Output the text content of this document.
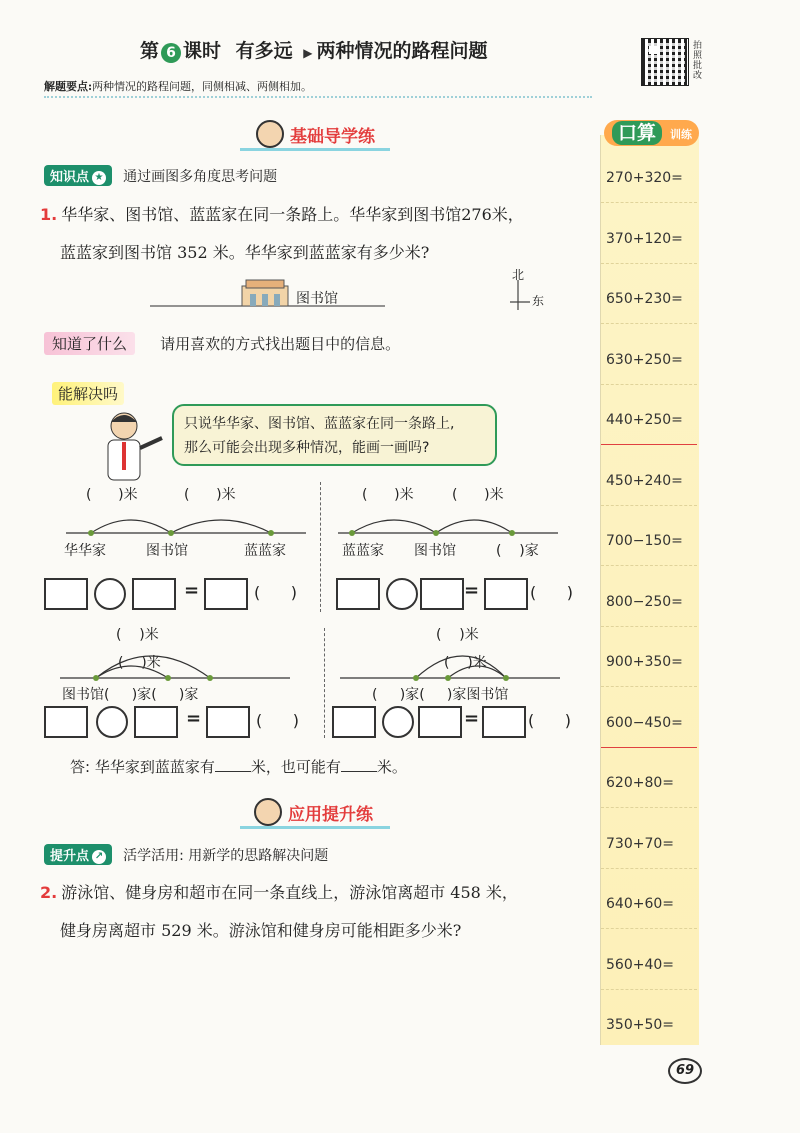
第 6 课时 有多远 ▶ 两种情况的路程问题	拍照批改
解题要点:两种情况的路程问题，同侧相减、两侧相加。
口算	训练
270+320=
370+120=
650+230=
630+250=
440+250=
450+240=
700−150=
800−250=
900+350=
600−450=
620+80=
730+70=
640+60=
560+40=
350+50=
基础导学练
知识点 ★ 通过画图多角度思考问题
1. 华华家、图书馆、蓝蓝家在同一条路上。华华家到图书馆276米，
蓝蓝家到图书馆 352 米。华华家到蓝蓝家有多少米?
图书馆
北
东
知道了什么 请用喜欢的方式找出题目中的信息。
能解决吗
只说华华家、图书馆、蓝蓝家在同一条路上,
那么可能会出现多种情况，能画一画吗?
(      )米	(      )米
华华家	图书馆	蓝蓝家
(      )米	(      )米
蓝蓝家 图书馆	(    )家
=	(      )	=	(      )
(    )米
(    )米
图书馆(     )家(     )家
(    )米
(    )米
(     )家(     )家图书馆
=	(      )	=	(      )
答: 华华家到蓝蓝家有 米，也可能有 米。
应用提升练
提升点 ↗ 活学活用: 用新学的思路解决问题
2. 游泳馆、健身房和超市在同一条直线上，游泳馆离超市 458 米，
健身房离超市 529 米。游泳馆和健身房可能相距多少米?
69
